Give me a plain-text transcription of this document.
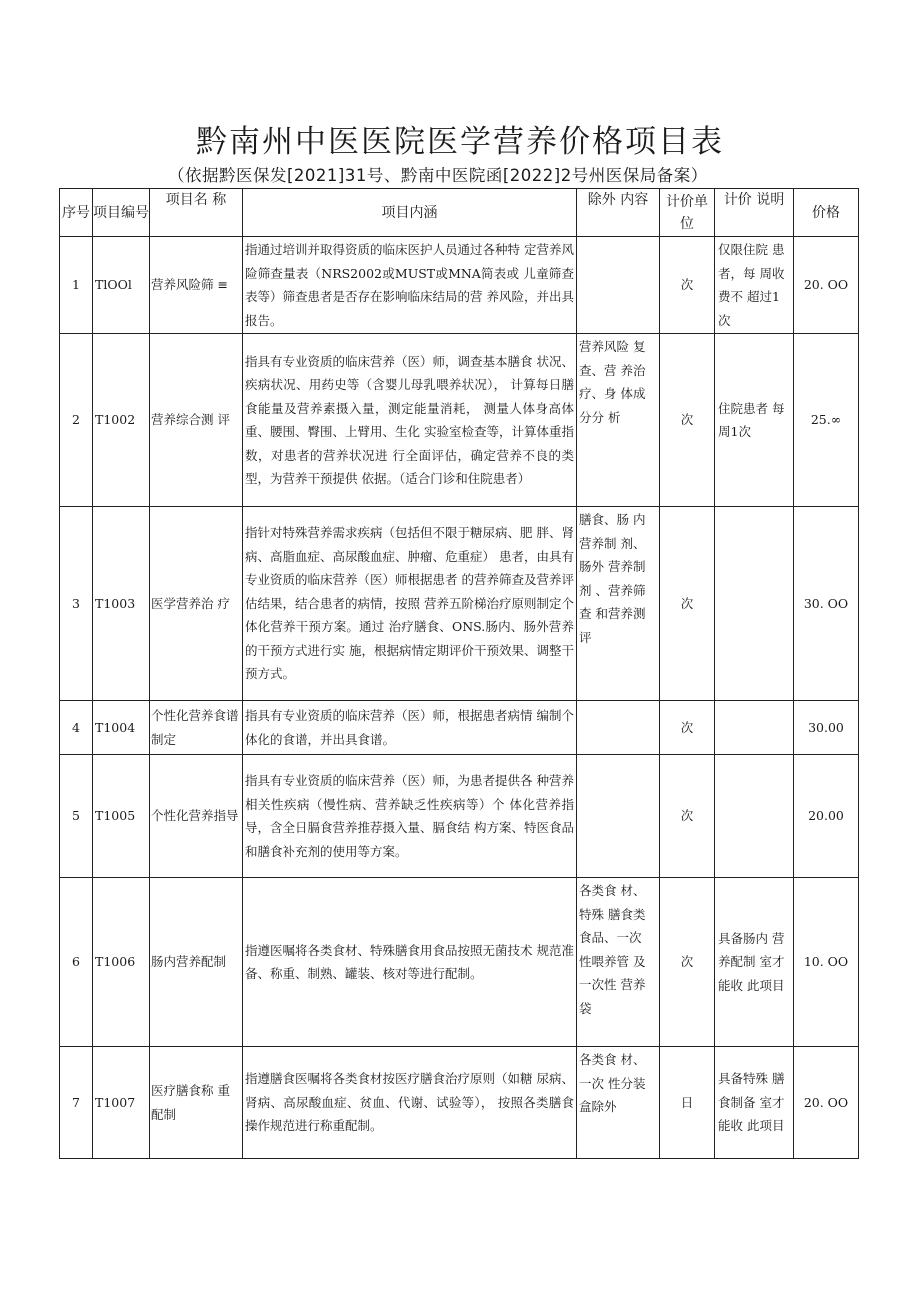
黔南州中医医院医学营养价格项目表
（依据黔医保发[2021]31号、黔南中医院函[2022]2号州医保局备案）
序号	项目编号	项目名 称	项目内涵	除外 内容	计价单位	计价 说明	价格
1	TlOOl	营养风险筛 ≡	指通过培训并取得资质的临床医护人员通过各种特 定营养风险筛查量表（NRS2002或MUST或MNA简表或 儿童筛查表等）筛查患者是否存在影响临床结局的营 养风险，并出具报告。		次	仅限住院 患者，每 周收费不 超过1次	20. OO
2	T1002	营养综合测 评	指具有专业资质的临床营养（医）师，调查基本膳食 状况、疾病状况、用药史等（含婴儿母乳喂养状况）， 计算每日膳食能量及营养素摄入量，测定能量消耗， 测量人体身高体重、腰围、臀围、上臂用、生化 实验室检查等，计算体重指数，对患者的营养状况进 行全面评估，确定营养不良的类型，为营养干预提供 依据。（适合门诊和住院患者）	营养风险 复查、营 养治疗、身 体成分分 析	次	住院患者 每周1次	25.∞
3	T1003	医学营养治 疗	指针对特殊营养需求疾病（包括但不限于糖尿病、肥 胖、肾病、高脂血症、高尿酸血症、肿瘤、危重症） 患者，由具有专业资质的临床营养（医）师根据患者 的营养筛查及营养评估结果，结合患者的病情，按照 营养五阶梯治疗原则制定个体化营养干预方案。通过 治疗膳食、ONS.肠内、肠外营养的干预方式进行实 施，根据病情定期评价干预效果、调整干预方式。	膳食、肠 内营养制 剂、肠外 营养制剂 、营养筛查 和营养测评	次		30. OO
4	T1004	个性化营养食谱制定	指具有专业资质的临床营养（医）师，根据患者病情 编制个体化的食谱，并出具食谱。		次		30.00
5	T1005	个性化营养指导	指具有专业资质的临床营养（医）师，为患者提供各 种营养相关性疾病（慢性病、营养缺乏性疾病等）个 体化营养指导，含全日膈食营养推荐摄入量、膈食结 构方案、特医食品和膳食补充剂的使用等方案。		次		20.00
6	T1006	肠内营养配制	指遵医嘱将各类食材、特殊膳食用食品按照无菌技术 规范准备、称重、制熟、罐装、核对等进行配制。	各类食 材、特殊 膳食类食品、一次 性喂养管 及一次性 营养袋	次	具备肠内 营养配制 室才能收 此项目	10. OO
7	T1007	医疗膳食称 重配制	指遵膳食医嘱将各类食材按医疗膳食治疗原则（如糖 尿病、肾病、高尿酸血症、贫血、代谢、试验等）， 按照各类膳食操作规范进行称重配制。	各类食 材、一次 性分装盒除外	日	具备特殊 膳食制备 室才能收 此项目	20. OO
